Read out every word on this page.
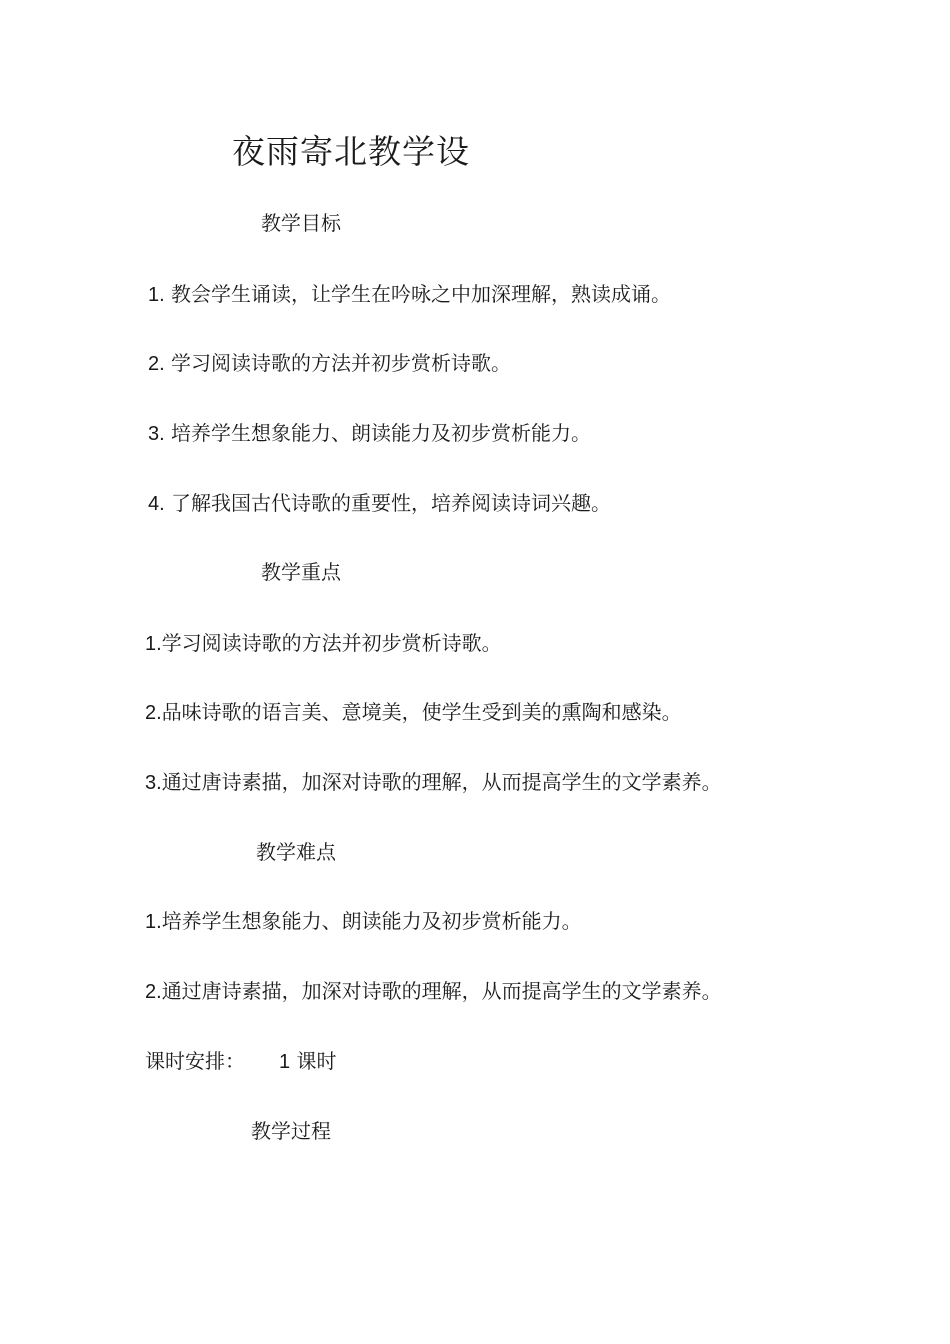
夜雨寄北教学设
教学目标
1. 教会学生诵读，让学生在吟咏之中加深理解，熟读成诵。
2. 学习阅读诗歌的方法并初步赏析诗歌。
3. 培养学生想象能力、朗读能力及初步赏析能力。
4. 了解我国古代诗歌的重要性，培养阅读诗词兴趣。
教学重点
1.学习阅读诗歌的方法并初步赏析诗歌。
2.品味诗歌的语言美、意境美，使学生受到美的熏陶和感染。
3.通过唐诗素描，加深对诗歌的理解，从而提高学生的文学素养。
教学难点
1.培养学生想象能力、朗读能力及初步赏析能力。
2.通过唐诗素描，加深对诗歌的理解，从而提高学生的文学素养。
课时安排： 1 课时
教学过程
